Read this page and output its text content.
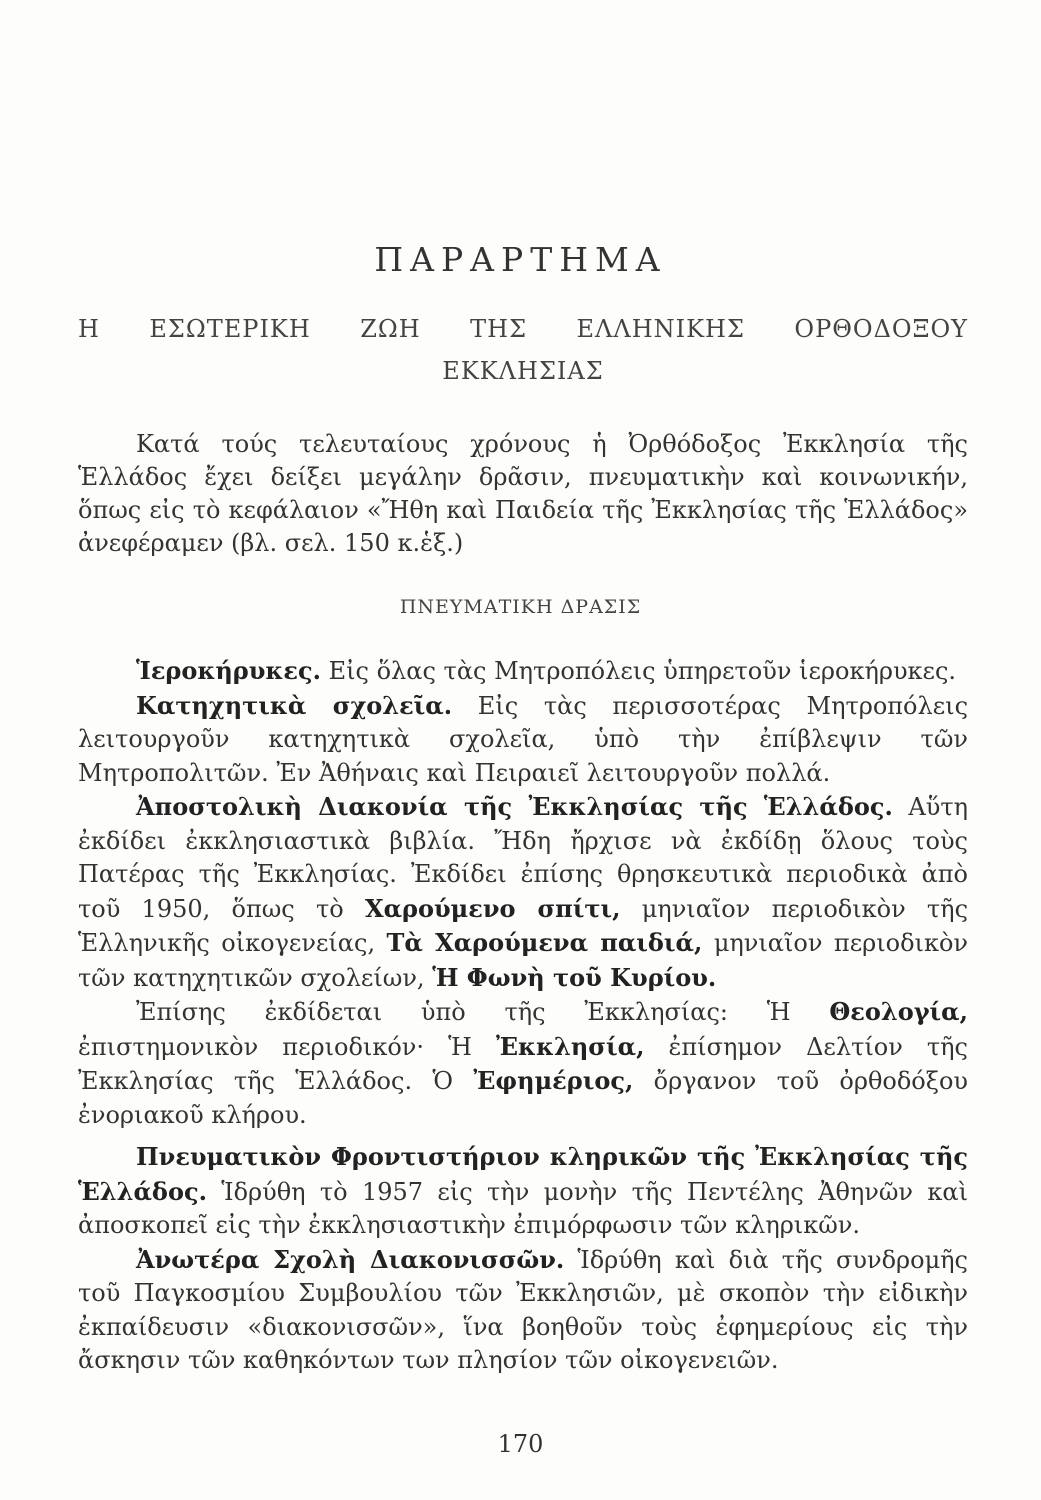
ΠΑΡΑΡΤΗΜΑ
Η ΕΣΩΤΕΡΙΚΗ ΖΩΗ ΤΗΣ ΕΛΛΗΝΙΚΗΣ ΟΡΘΟΔΟΞΟΥ
ΕΚΚΛΗΣΙΑΣ
Κατά τούς τελευταίους χρόνους ἡ Ὀρθόδοξος Ἐκκλησία τῆς Ἑλλάδος ἔχει δείξει μεγάλην δρᾶσιν, πνευματικὴν καὶ κοινωνικήν, ὅπως εἰς τὸ κεφάλαιον «Ἤθη καὶ Παιδεία τῆς Ἐκκλησίας τῆς Ἑλλάδος» ἀνεφέραμεν (βλ. σελ. 150 κ.ἑξ.)
ΠΝΕΥΜΑΤΙΚΗ ΔΡΑΣΙΣ

Ἱεροκήρυκες. Εἰς ὅλας τὰς Μητροπόλεις ὑπηρετοῦν ἱεροκήρυκες.

Κατηχητικὰ σχολεῖα. Εἰς τὰς περισσοτέρας Μητροπόλεις λειτουργοῦν κατηχητικὰ σχολεῖα, ὑπὸ τὴν ἐπίβλεψιν τῶν Μητροπολιτῶν. Ἐν Ἀθήναις καὶ Πειραιεῖ λειτουργοῦν πολλά.

Ἀποστολικὴ Διακονία τῆς Ἐκκλησίας τῆς Ἑλλάδος. Αὕτη ἐκδίδει ἐκκλησιαστικὰ βιβλία. Ἤδη ἤρχισε νὰ ἐκδίδῃ ὅλους τοὺς Πατέρας τῆς Ἐκκλησίας. Ἐκδίδει ἐπίσης θρησκευτικὰ περιοδικὰ ἀπὸ τοῦ 1950, ὅπως τὸ Χαρούμενο σπίτι, μηνιαῖον περιοδικὸν τῆς Ἑλληνικῆς οἰκογενείας, Τὰ Χαρούμενα παιδιά, μηνιαῖον περιοδικὸν τῶν κατηχητικῶν σχολείων, Ἡ Φωνὴ τοῦ Κυρίου.

Ἐπίσης ἐκδίδεται ὑπὸ τῆς Ἐκκλησίας: Ἡ Θεολογία, ἐπιστημονικὸν περιοδικόν· Ἡ Ἐκκλησία, ἐπίσημον Δελτίον τῆς Ἐκκλησίας τῆς Ἑλλάδος. Ὁ Ἐφημέριος, ὄργανον τοῦ ὀρθοδόξου ἐνοριακοῦ κλήρου.

Πνευματικὸν Φροντιστήριον κληρικῶν τῆς Ἐκκλησίας τῆς Ἑλλάδος. Ἱδρύθη τὸ 1957 εἰς τὴν μονὴν τῆς Πεντέλης Ἀθηνῶν καὶ ἀποσκοπεῖ εἰς τὴν ἐκκλησιαστικὴν ἐπιμόρφωσιν τῶν κληρικῶν.

Ἀνωτέρα Σχολὴ Διακονισσῶν. Ἱδρύθη καὶ διὰ τῆς συνδρομῆς τοῦ Παγκοσμίου Συμβουλίου τῶν Ἐκκλησιῶν, μὲ σκοπὸν τὴν εἰδικὴν ἐκπαίδευσιν «διακονισσῶν», ἵνα βοηθοῦν τοὺς ἐφημερίους εἰς τὴν ἄσκησιν τῶν καθηκόντων των πλησίον τῶν οἰκογενειῶν.

170
